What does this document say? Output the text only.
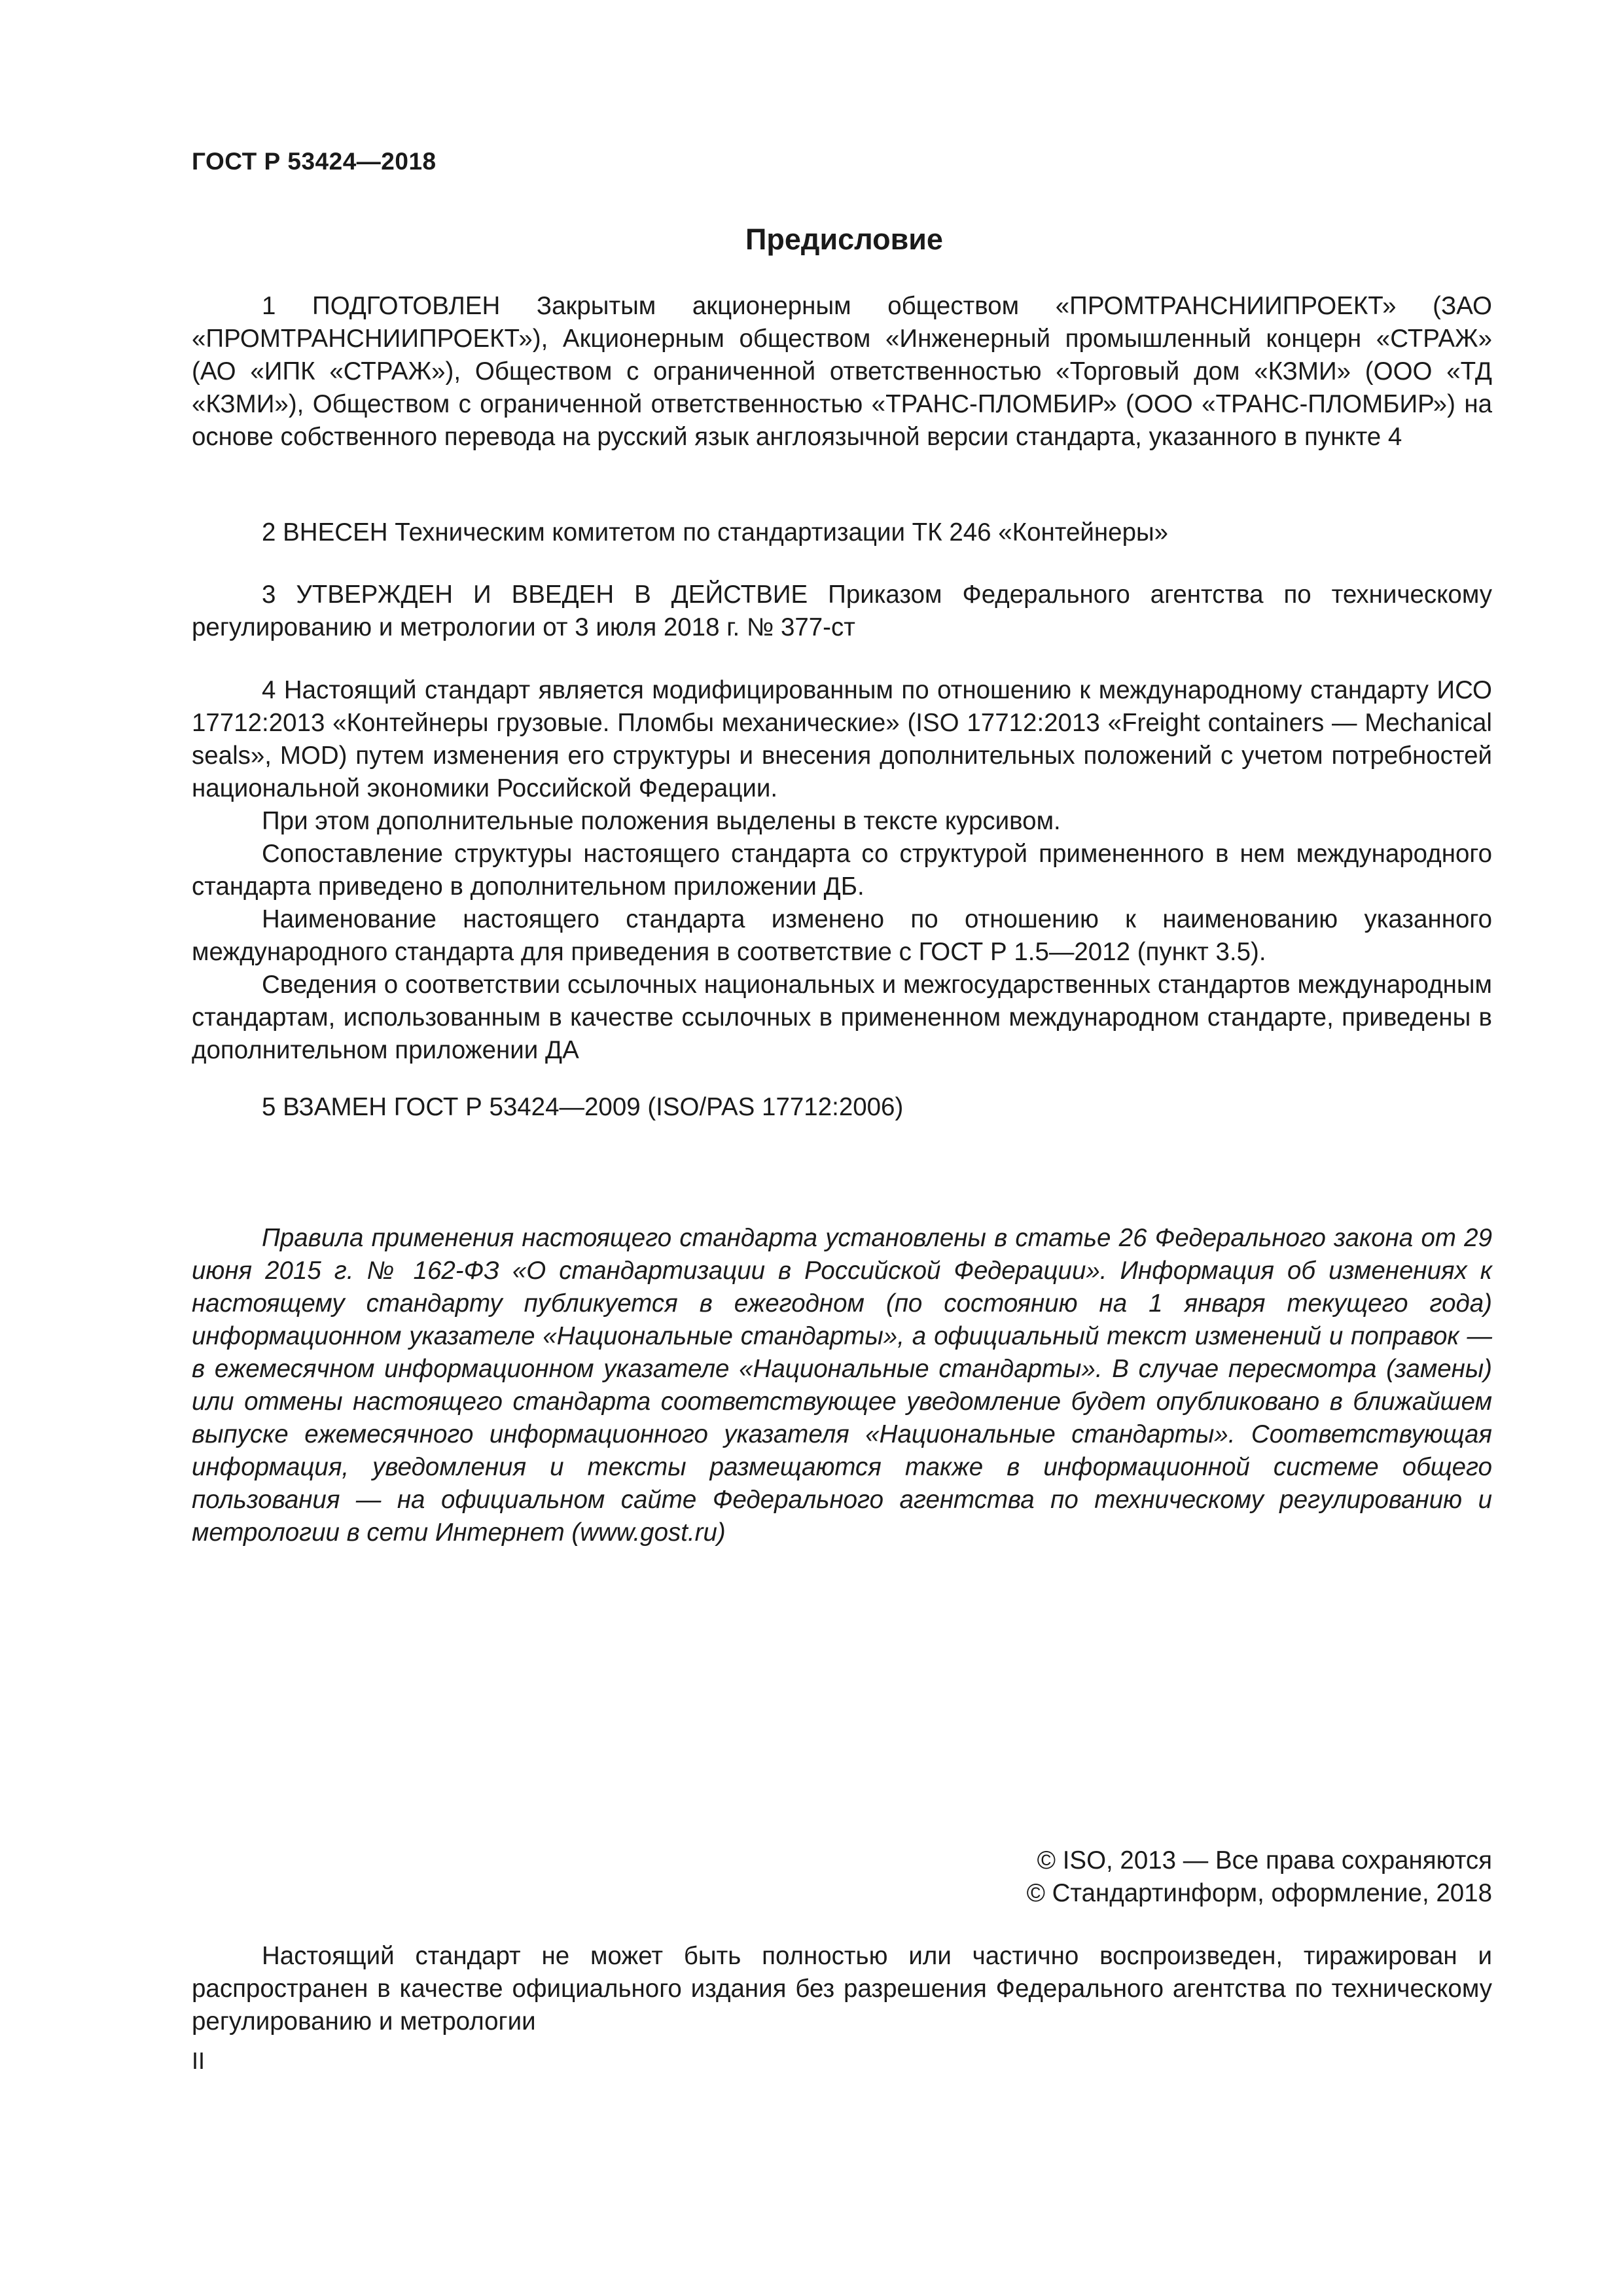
ГОСТ Р 53424—2018

Предисловие

1 ПОДГОТОВЛЕН Закрытым акционерным обществом «ПРОМТРАНСНИИПРОЕКТ» (ЗАО «ПРОМТРАНСНИИПРОЕКТ»), Акционерным обществом «Инженерный промышленный концерн «СТРАЖ» (АО «ИПК «СТРАЖ»), Обществом с ограниченной ответственностью «Торговый дом «КЗМИ» (ООО «ТД «КЗМИ»), Обществом с ограниченной ответственностью «ТРАНС-ПЛОМБИР» (ООО «ТРАНС-ПЛОМБИР») на основе собственного перевода на русский язык англоязычной версии стандарта, указанного в пункте 4

2 ВНЕСЕН Техническим комитетом по стандартизации ТК 246 «Контейнеры»

3 УТВЕРЖДЕН И ВВЕДЕН В ДЕЙСТВИЕ Приказом Федерального агентства по техническому регулированию и метрологии от 3 июля 2018 г. № 377-ст

4 Настоящий стандарт является модифицированным по отношению к международному стандарту ИСО 17712:2013 «Контейнеры грузовые. Пломбы механические» (ISO 17712:2013 «Freight containers — Mechanical seals», MOD) путем изменения его структуры и внесения дополнительных положений с учетом потребностей национальной экономики Российской Федерации.

При этом дополнительные положения выделены в тексте курсивом.

Сопоставление структуры настоящего стандарта со структурой примененного в нем международного стандарта приведено в дополнительном приложении ДБ.

Наименование настоящего стандарта изменено по отношению к наименованию указанного международного стандарта для приведения в соответствие с ГОСТ Р 1.5—2012 (пункт 3.5).

Сведения о соответствии ссылочных национальных и межгосударственных стандартов международным стандартам, использованным в качестве ссылочных в примененном международном стандарте, приведены в дополнительном приложении ДА

5 ВЗАМЕН ГОСТ Р 53424—2009 (ISO/PAS 17712:2006)

Правила применения настоящего стандарта установлены в статье 26 Федерального закона от 29 июня 2015 г. № 162-ФЗ «О стандартизации в Российской Федерации». Информация об изменениях к настоящему стандарту публикуется в ежегодном (по состоянию на 1 января текущего года) информационном указателе «Национальные стандарты», а официальный текст изменений и поправок — в ежемесячном информационном указателе «Национальные стандарты». В случае пересмотра (замены) или отмены настоящего стандарта соответствующее уведомление будет опубликовано в ближайшем выпуске ежемесячного информационного указателя «Национальные стандарты». Соответствующая информация, уведомления и тексты размещаются также в информационной системе общего пользования — на официальном сайте Федерального агентства по техническому регулированию и метрологии в сети Интернет (www.gost.ru)

© ISO, 2013 — Все права сохраняются

© Стандартинформ, оформление, 2018

Настоящий стандарт не может быть полностью или частично воспроизведен, тиражирован и распространен в качестве официального издания без разрешения Федерального агентства по техническому регулированию и метрологии

II
